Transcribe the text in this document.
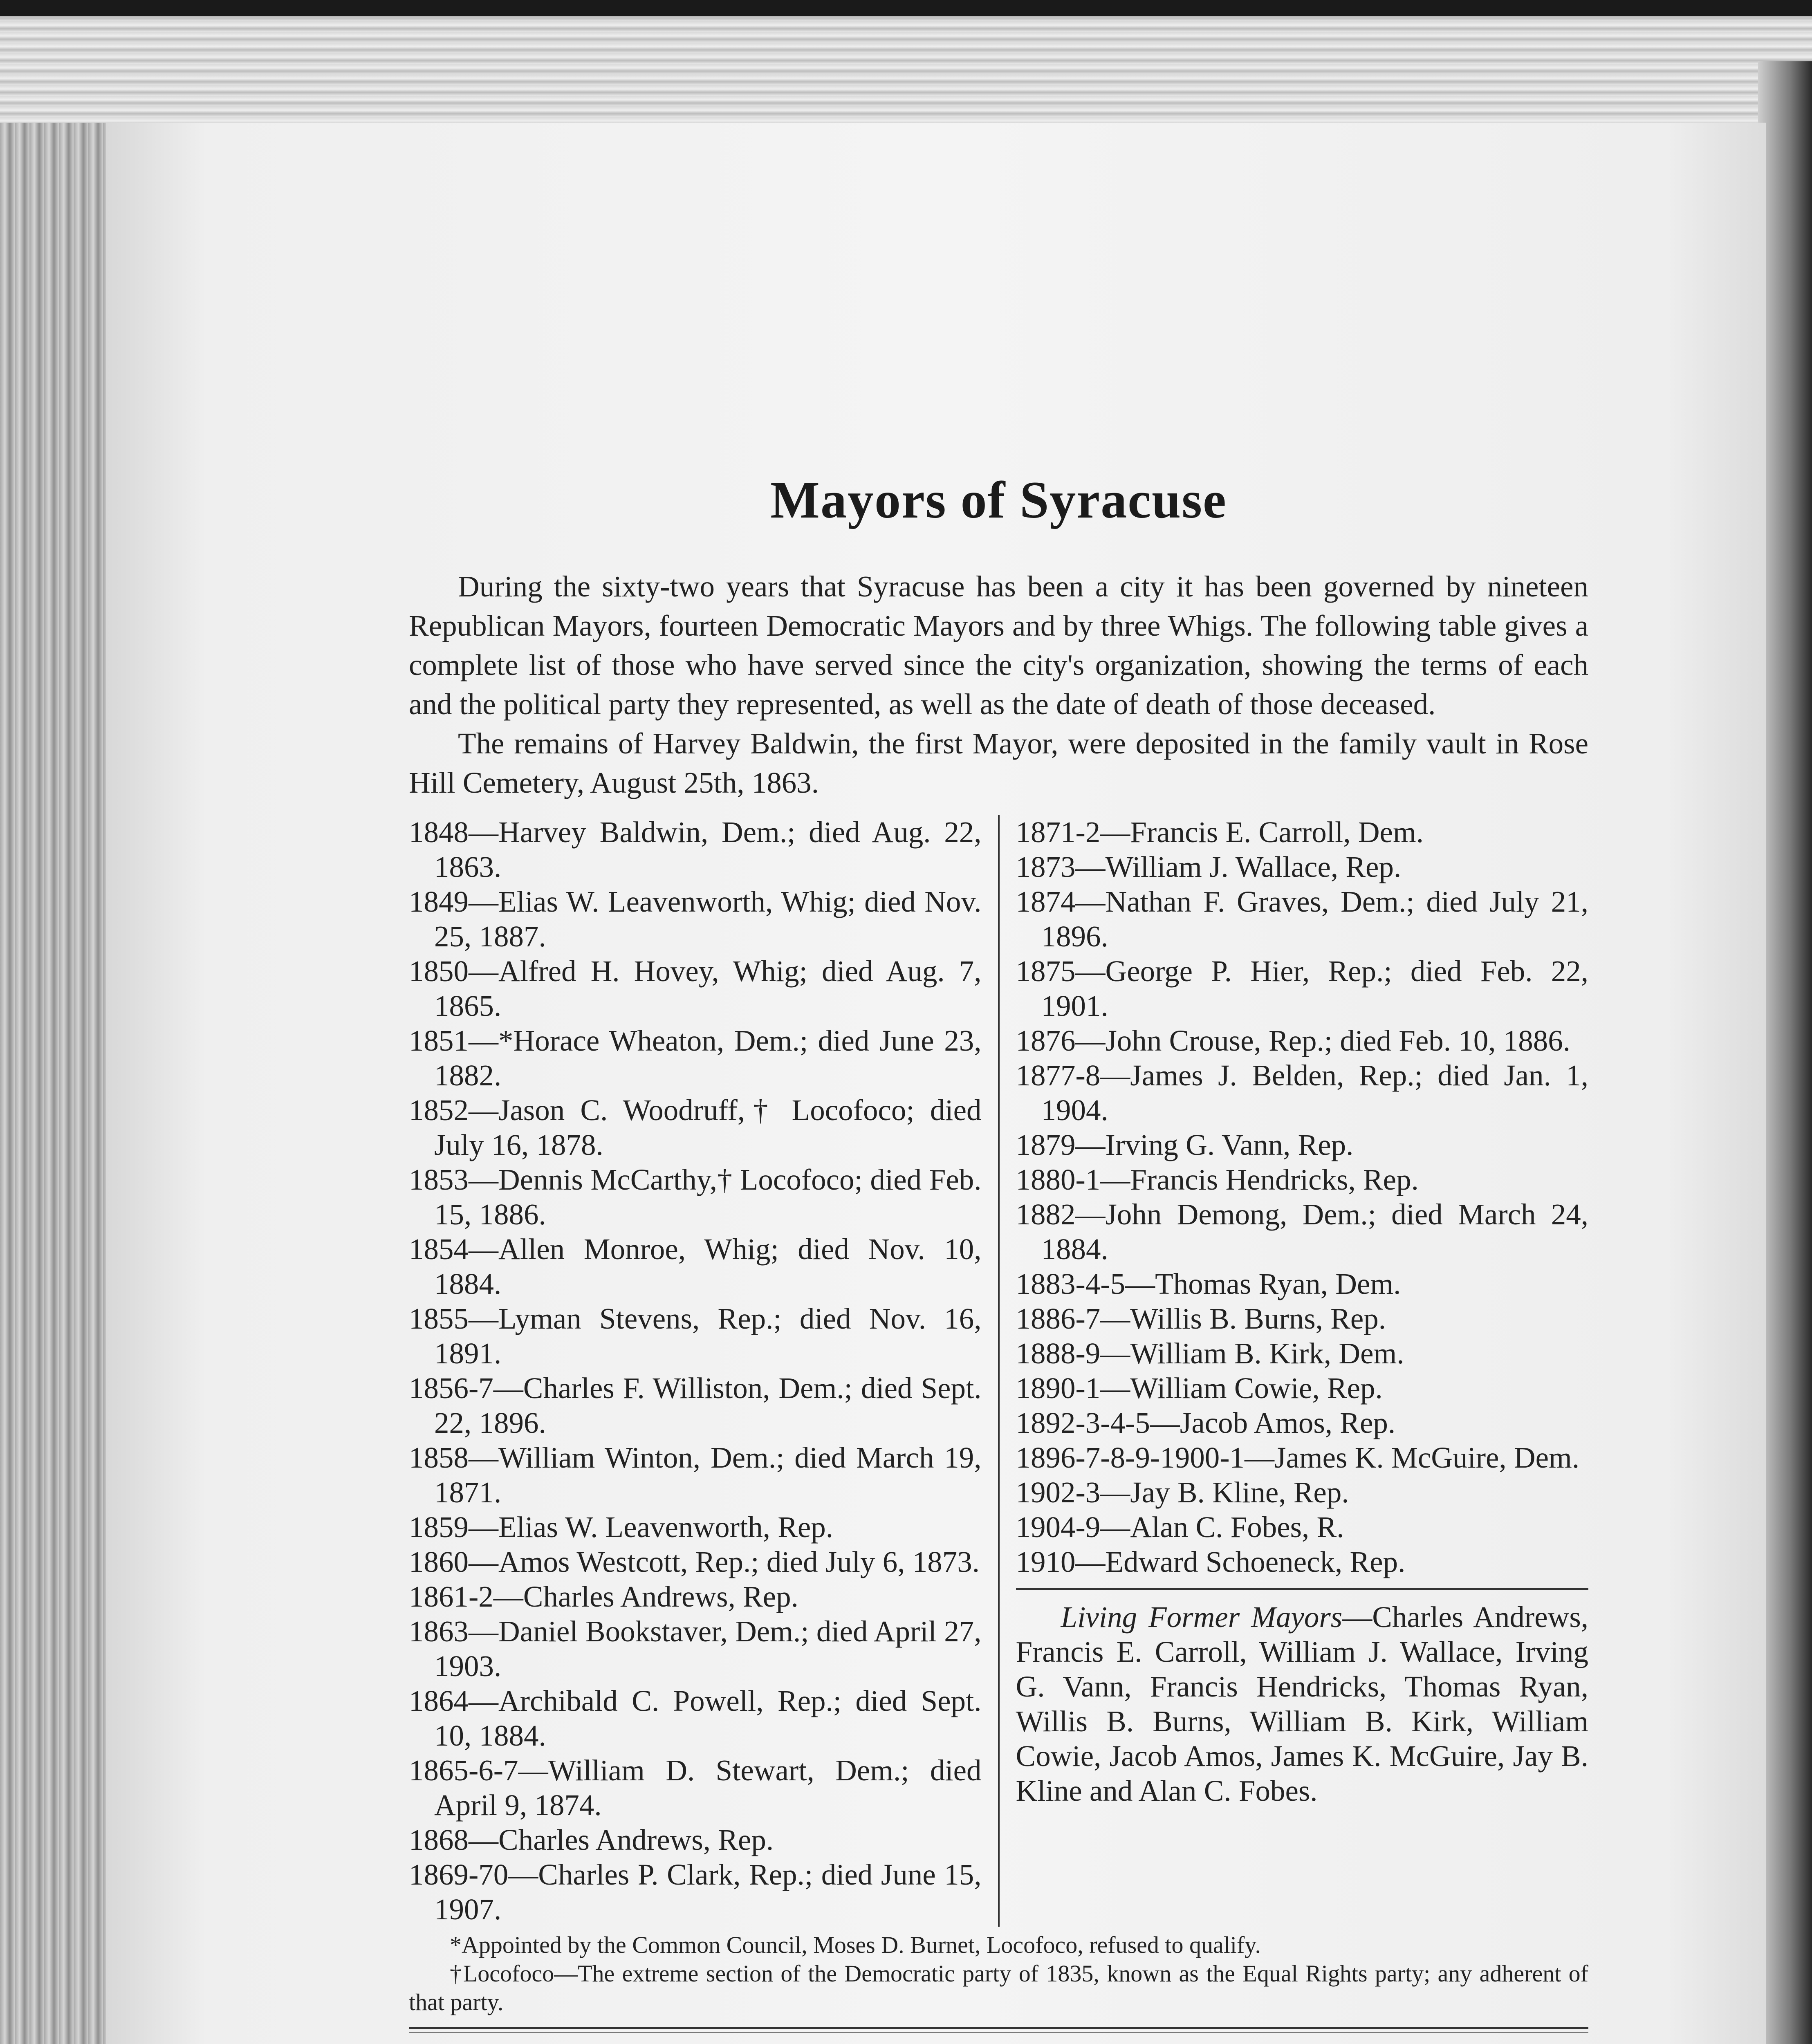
Mayors of Syracuse

During the sixty-two years that Syracuse has been a city it has been governed by nineteen Republican Mayors, fourteen Democratic Mayors and by three Whigs. The following table gives a complete list of those who have served since the city's organization, showing the terms of each and the political party they represented, as well as the date of death of those deceased.

The remains of Harvey Baldwin, the first Mayor, were deposited in the family vault in Rose Hill Cemetery, August 25th, 1863.

1848—Harvey Baldwin, Dem.; died Aug. 22, 1863.

1849—Elias W. Leavenworth, Whig; died Nov. 25, 1887.

1850—Alfred H. Hovey, Whig; died Aug. 7, 1865.

1851—*Horace Wheaton, Dem.; died June 23, 1882.

1852—Jason C. Woodruff,† Locofoco; died July 16, 1878.

1853—Dennis McCarthy,† Locofoco; died Feb. 15, 1886.

1854—Allen Monroe, Whig; died Nov. 10, 1884.

1855—Lyman Stevens, Rep.; died Nov. 16, 1891.

1856-7—Charles F. Williston, Dem.; died Sept. 22, 1896.

1858—William Winton, Dem.; died March 19, 1871.

1859—Elias W. Leavenworth, Rep.

1860—Amos Westcott, Rep.; died July 6, 1873.

1861-2—Charles Andrews, Rep.

1863—Daniel Bookstaver, Dem.; died April 27, 1903.

1864—Archibald C. Powell, Rep.; died Sept. 10, 1884.

1865-6-7—William D. Stewart, Dem.; died April 9, 1874.

1868—Charles Andrews, Rep.

1869-70—Charles P. Clark, Rep.; died June 15, 1907.

1871-2—Francis E. Carroll, Dem.

1873—William J. Wallace, Rep.

1874—Nathan F. Graves, Dem.; died July 21, 1896.

1875—George P. Hier, Rep.; died Feb. 22, 1901.

1876—John Crouse, Rep.; died Feb. 10, 1886.

1877-8—James J. Belden, Rep.; died Jan. 1, 1904.

1879—Irving G. Vann, Rep.

1880-1—Francis Hendricks, Rep.

1882—John Demong, Dem.; died March 24, 1884.

1883-4-5—Thomas Ryan, Dem.

1886-7—Willis B. Burns, Rep.

1888-9—William B. Kirk, Dem.

1890-1—William Cowie, Rep.

1892-3-4-5—Jacob Amos, Rep.

1896-7-8-9-1900-1—James K. McGuire, Dem.

1902-3—Jay B. Kline, Rep.

1904-9—Alan C. Fobes, R.

1910—Edward Schoeneck, Rep.

Living Former Mayors—Charles Andrews, Francis E. Carroll, William J. Wallace, Irving G. Vann, Francis Hendricks, Thomas Ryan, Willis B. Burns, William B. Kirk, William Cowie, Jacob Amos, James K. McGuire, Jay B. Kline and Alan C. Fobes.

*Appointed by the Common Council, Moses D. Burnet, Locofoco, refused to qualify.

†Locofoco—The extreme section of the Democratic party of 1835, known as the Equal Rights party; any adherent of that party.
